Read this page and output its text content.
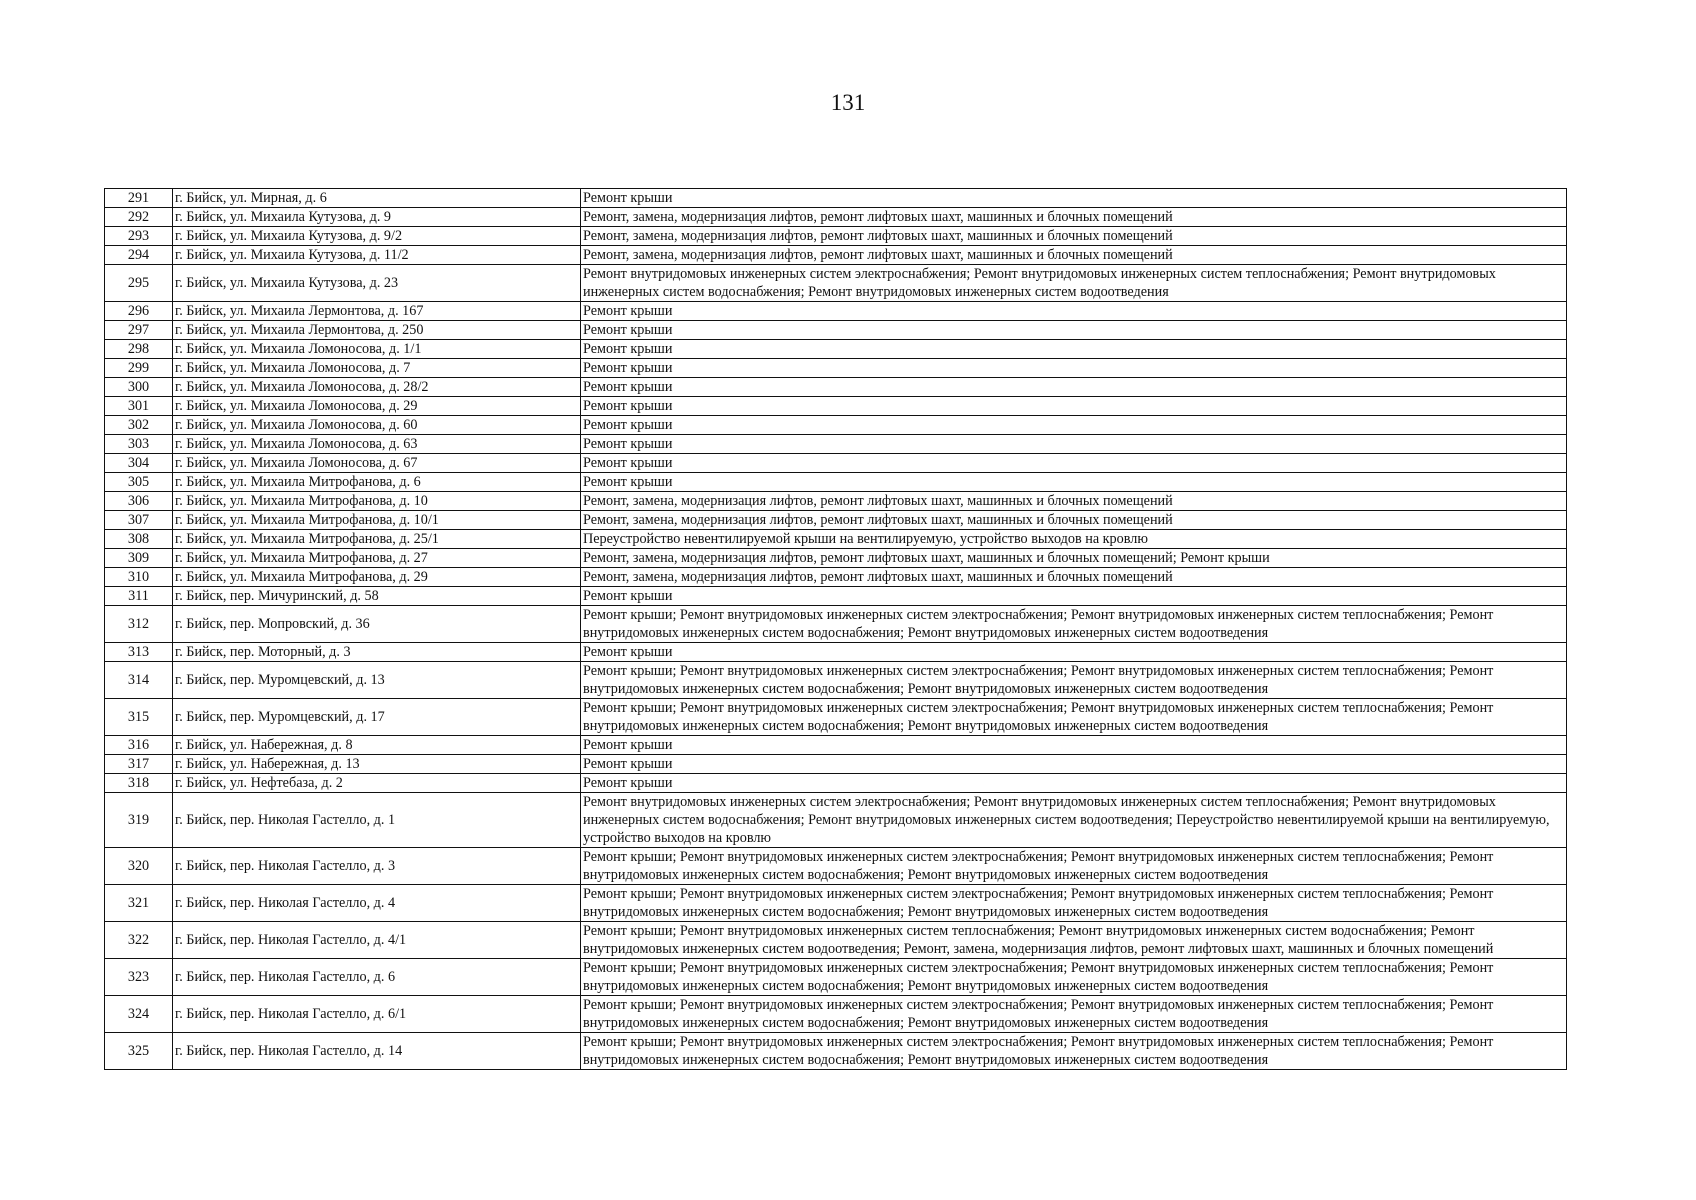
131
291	г. Бийск, ул. Мирная, д. 6	Ремонт крыши
292	г. Бийск, ул. Михаила Кутузова, д. 9	Ремонт, замена, модернизация лифтов, ремонт лифтовых шахт, машинных и блочных помещений
293	г. Бийск, ул. Михаила Кутузова, д. 9/2	Ремонт, замена, модернизация лифтов, ремонт лифтовых шахт, машинных и блочных помещений
294	г. Бийск, ул. Михаила Кутузова, д. 11/2	Ремонт, замена, модернизация лифтов, ремонт лифтовых шахт, машинных и блочных помещений
295	г. Бийск, ул. Михаила Кутузова, д. 23	Ремонт внутридомовых инженерных систем электроснабжения; Ремонт внутридомовых инженерных систем теплоснабжения; Ремонт внутридомовых инженерных систем водоснабжения; Ремонт внутридомовых инженерных систем водоотведения
296	г. Бийск, ул. Михаила Лермонтова, д. 167	Ремонт крыши
297	г. Бийск, ул. Михаила Лермонтова, д. 250	Ремонт крыши
298	г. Бийск, ул. Михаила Ломоносова, д. 1/1	Ремонт крыши
299	г. Бийск, ул. Михаила Ломоносова, д. 7	Ремонт крыши
300	г. Бийск, ул. Михаила Ломоносова, д. 28/2	Ремонт крыши
301	г. Бийск, ул. Михаила Ломоносова, д. 29	Ремонт крыши
302	г. Бийск, ул. Михаила Ломоносова, д. 60	Ремонт крыши
303	г. Бийск, ул. Михаила Ломоносова, д. 63	Ремонт крыши
304	г. Бийск, ул. Михаила Ломоносова, д. 67	Ремонт крыши
305	г. Бийск, ул. Михаила Митрофанова, д. 6	Ремонт крыши
306	г. Бийск, ул. Михаила Митрофанова, д. 10	Ремонт, замена, модернизация лифтов, ремонт лифтовых шахт, машинных и блочных помещений
307	г. Бийск, ул. Михаила Митрофанова, д. 10/1	Ремонт, замена, модернизация лифтов, ремонт лифтовых шахт, машинных и блочных помещений
308	г. Бийск, ул. Михаила Митрофанова, д. 25/1	Переустройство невентилируемой крыши на вентилируемую, устройство выходов на кровлю
309	г. Бийск, ул. Михаила Митрофанова, д. 27	Ремонт, замена, модернизация лифтов, ремонт лифтовых шахт, машинных и блочных помещений; Ремонт крыши
310	г. Бийск, ул. Михаила Митрофанова, д. 29	Ремонт, замена, модернизация лифтов, ремонт лифтовых шахт, машинных и блочных помещений
311	г. Бийск, пер. Мичуринский, д. 58	Ремонт крыши
312	г. Бийск, пер. Мопровский, д. 36	Ремонт крыши; Ремонт внутридомовых инженерных систем электроснабжения; Ремонт внутридомовых инженерных систем теплоснабжения; Ремонт внутридомовых инженерных систем водоснабжения; Ремонт внутридомовых инженерных систем водоотведения
313	г. Бийск, пер. Моторный, д. 3	Ремонт крыши
314	г. Бийск, пер. Муромцевский, д. 13	Ремонт крыши; Ремонт внутридомовых инженерных систем электроснабжения; Ремонт внутридомовых инженерных систем теплоснабжения; Ремонт внутридомовых инженерных систем водоснабжения; Ремонт внутридомовых инженерных систем водоотведения
315	г. Бийск, пер. Муромцевский, д. 17	Ремонт крыши; Ремонт внутридомовых инженерных систем электроснабжения; Ремонт внутридомовых инженерных систем теплоснабжения; Ремонт внутридомовых инженерных систем водоснабжения; Ремонт внутридомовых инженерных систем водоотведения
316	г. Бийск, ул. Набережная, д. 8	Ремонт крыши
317	г. Бийск, ул. Набережная, д. 13	Ремонт крыши
318	г. Бийск, ул. Нефтебаза, д. 2	Ремонт крыши
319	г. Бийск, пер. Николая Гастелло, д. 1	Ремонт внутридомовых инженерных систем электроснабжения; Ремонт внутридомовых инженерных систем теплоснабжения; Ремонт внутридомовых инженерных систем водоснабжения; Ремонт внутридомовых инженерных систем водоотведения; Переустройство невентилируемой крыши на вентилируемую, устройство выходов на кровлю
320	г. Бийск, пер. Николая Гастелло, д. 3	Ремонт крыши; Ремонт внутридомовых инженерных систем электроснабжения; Ремонт внутридомовых инженерных систем теплоснабжения; Ремонт внутридомовых инженерных систем водоснабжения; Ремонт внутридомовых инженерных систем водоотведения
321	г. Бийск, пер. Николая Гастелло, д. 4	Ремонт крыши; Ремонт внутридомовых инженерных систем электроснабжения; Ремонт внутридомовых инженерных систем теплоснабжения; Ремонт внутридомовых инженерных систем водоснабжения; Ремонт внутридомовых инженерных систем водоотведения
322	г. Бийск, пер. Николая Гастелло, д. 4/1	Ремонт крыши; Ремонт внутридомовых инженерных систем теплоснабжения; Ремонт внутридомовых инженерных систем водоснабжения; Ремонт внутридомовых инженерных систем водоотведения; Ремонт, замена, модернизация лифтов, ремонт лифтовых шахт, машинных и блочных помещений
323	г. Бийск, пер. Николая Гастелло, д. 6	Ремонт крыши; Ремонт внутридомовых инженерных систем электроснабжения; Ремонт внутридомовых инженерных систем теплоснабжения; Ремонт внутридомовых инженерных систем водоснабжения; Ремонт внутридомовых инженерных систем водоотведения
324	г. Бийск, пер. Николая Гастелло, д. 6/1	Ремонт крыши; Ремонт внутридомовых инженерных систем электроснабжения; Ремонт внутридомовых инженерных систем теплоснабжения; Ремонт внутридомовых инженерных систем водоснабжения; Ремонт внутридомовых инженерных систем водоотведения
325	г. Бийск, пер. Николая Гастелло, д. 14	Ремонт крыши; Ремонт внутридомовых инженерных систем электроснабжения; Ремонт внутридомовых инженерных систем теплоснабжения; Ремонт внутридомовых инженерных систем водоснабжения; Ремонт внутридомовых инженерных систем водоотведения
